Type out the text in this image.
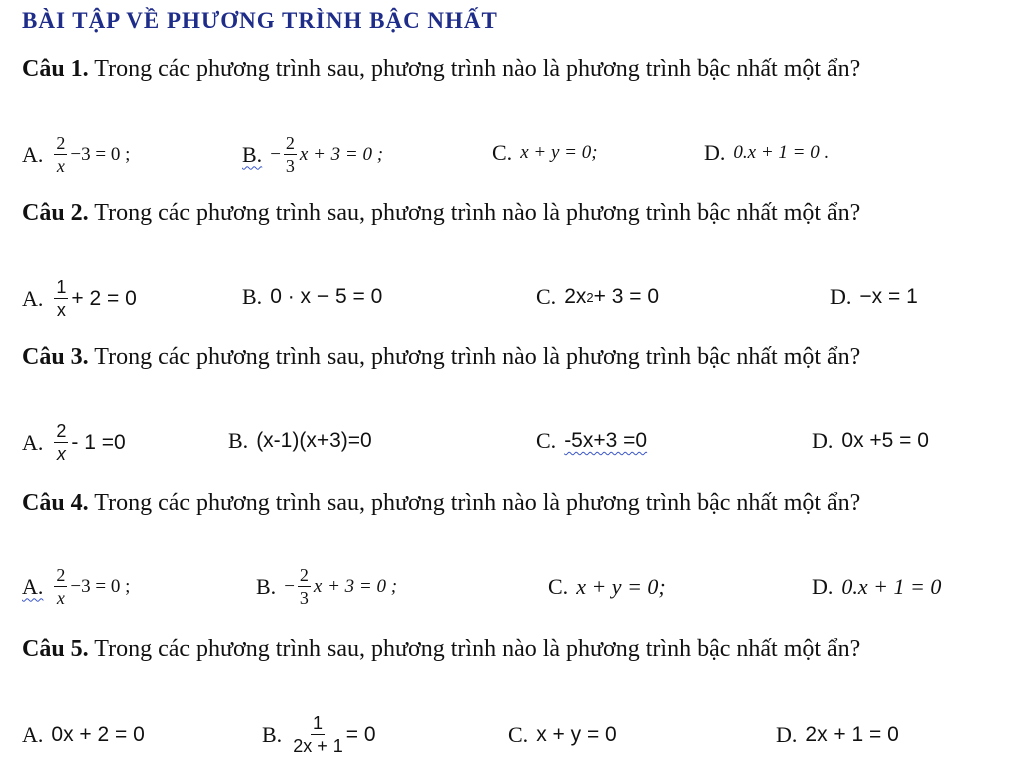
BÀI TẬP VỀ PHƯƠNG TRÌNH BẬC NHẤT
Câu 1. Trong các phương trình sau, phương trình nào là phương trình bậc nhất một ẩn?
A. $\frac{2}{x} -3 = 0$ ;	B. − $\frac{2}{3}$ x + 3 = 0 ;	C. x + y = 0;	D. 0.x + 1 = 0 .
Câu 2. Trong các phương trình sau, phương trình nào là phương trình bậc nhất một ẩn?
A. $\frac{1}{x} + 2 = 0$	B. 0 · x − 5 = 0	C. 2x 2 + 3 = 0	D. −x = 1
Câu 3. Trong các phương trình sau, phương trình nào là phương trình bậc nhất một ẩn?
A. $\frac{2}{x} - 1 =0$	B. (x-1)(x+3)=0	C. -5x+3 =0	D. 0x +5 = 0
Câu 4. Trong các phương trình sau, phương trình nào là phương trình bậc nhất một ẩn?
A. $\frac{2}{x} -3 = 0$ ;	B. − $\frac{2}{3}$ x + 3 = 0 ;	C. x + y = 0;	D. 0.x + 1 = 0
Câu 5. Trong các phương trình sau, phương trình nào là phương trình bậc nhất một ẩn?
A. 0x + 2 = 0	B. $\frac{1}{2x + 1} = 0$	C. x + y = 0	D. 2x + 1 = 0
